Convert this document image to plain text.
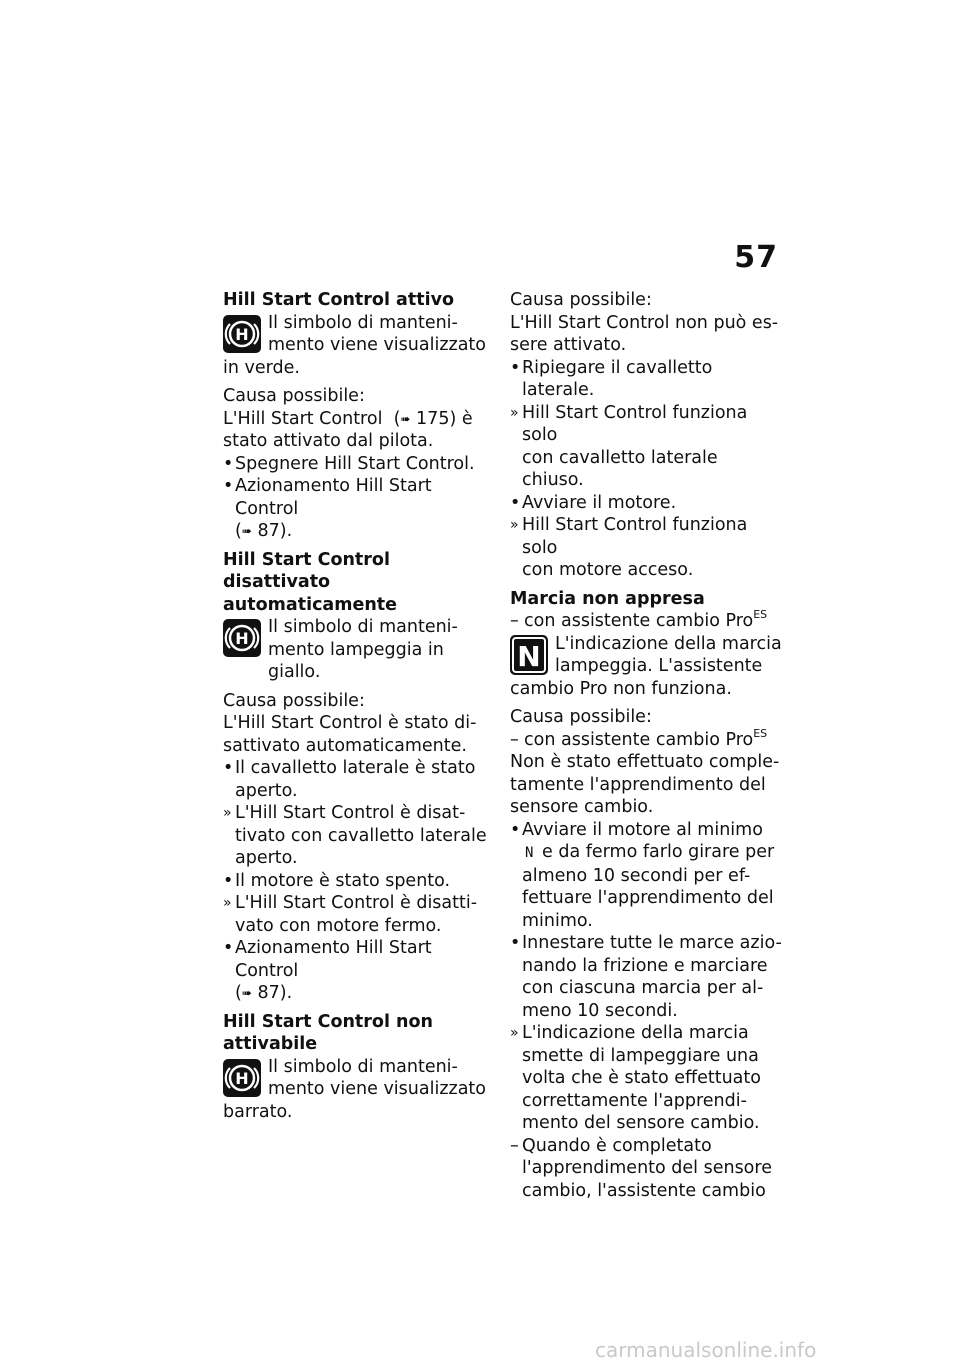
57

Hill Start Control attivo

H
Il simbolo di manteni-
mento viene visualizzato
in verde.

Causa possibile:

L'Hill Start Control  (➠ 175) è

stato attivato dal pilota.

• Spegnere Hill Start Control.
• Azionamento Hill Start Control
(➠ 87).

Hill Start Control disattivato
automaticamente

H
Il simbolo di manteni-
mento lampeggia in giallo.

Causa possibile:

L'Hill Start Control è stato di-

sattivato automaticamente.

• Il cavalletto laterale è stato
aperto.
» L'Hill Start Control è disat-
tivato con cavalletto laterale
aperto.
• Il motore è stato spento.
» L'Hill Start Control è disatti-
vato con motore fermo.
• Azionamento Hill Start Control
(➠ 87).

Hill Start Control non
attivabile

H
Il simbolo di manteni-
mento viene visualizzato
barrato.

Causa possibile:

L'Hill Start Control non può es-

sere attivato.

• Ripiegare il cavalletto laterale.
» Hill Start Control funziona solo
con cavalletto laterale chiuso.
• Avviare il motore.
» Hill Start Control funziona solo
con motore acceso.

Marcia non appresa

– con assistente cambio Pro$^{ES}$
N L'indicazione della marcia
lampeggia. L'assistente

cambio Pro non funziona.

Causa possibile:

– con assistente cambio Pro$^{ES}$

Non è stato effettuato comple-

tamente l'apprendimento del

sensore cambio.

• Avviare il motore al minimo
N e da fermo farlo girare per
almeno 10 secondi per ef-
fettuare l'apprendimento del
minimo.
• Innestare tutte le marce azio-
nando la frizione e marciare
con ciascuna marcia per al-
meno 10 secondi.
» L'indicazione della marcia
smette di lampeggiare una
volta che è stato effettuato
correttamente l'apprendi-
mento del sensore cambio.
– Quando è completato
l'apprendimento del sensore
cambio, l'assistente cambio
carmanualsonline.info
